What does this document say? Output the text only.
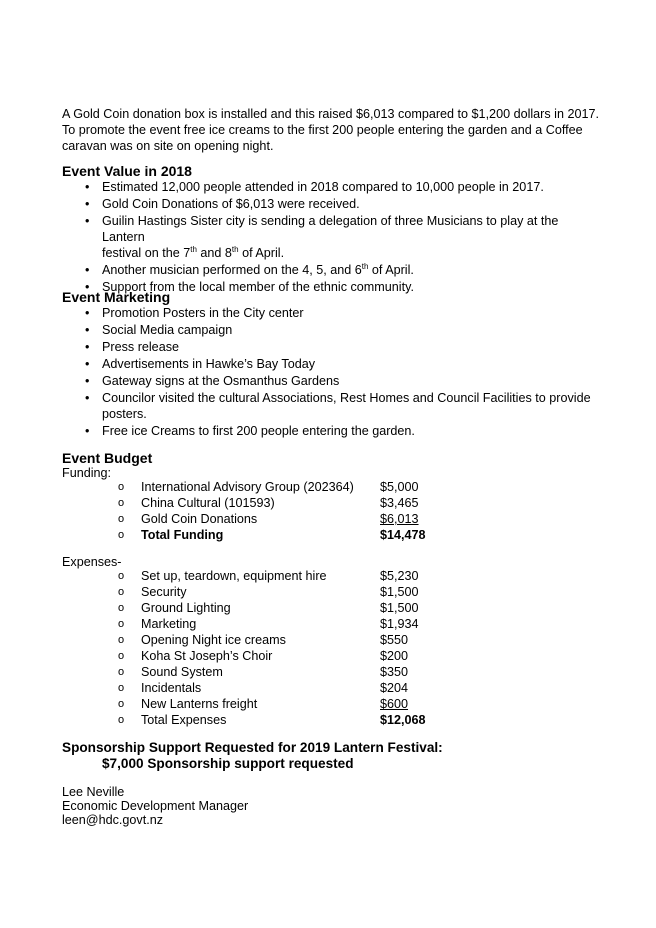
A Gold Coin donation box is installed and this raised $6,013 compared to $1,200 dollars in 2017.

To promote the event free ice creams to the first 200 people entering the garden and a Coffee

caravan was on site on opening night.

Event Value in 2018
• Estimated 12,000 people attended in 2018 compared to 10,000 people in 2017.
• Gold Coin Donations of $6,013 were received.
• Guilin Hastings Sister city is sending a delegation of three Musicians to play at the Lantern
festival on the 7th and 8th of April.
• Another musician performed on the 4, 5, and 6th of April.
• Support from the local member of the ethnic community.
Event Marketing
• Promotion Posters in the City center
• Social Media campaign
• Press release
• Advertisements in Hawke’s Bay Today
• Gateway signs at the Osmanthus Gardens
• Councilor visited the cultural Associations, Rest Homes and Council Facilities to provide
posters.
• Free ice Creams to first 200 people entering the garden.
Event Budget
Funding:
o International Advisory Group (202364) $5,000
o China Cultural (101593)	$3,465
o Gold Coin Donations	$6,013
o Total Funding	$14,478
Expenses-
o Set up, teardown, equipment hire	$5,230
o Security	$1,500
o Ground Lighting	$1,500
o Marketing	$1,934
o Opening Night ice creams	$550
o Koha St Joseph’s Choir	$200
o Sound System	$350
o Incidentals	$204
o New Lanterns freight	$600
o Total Expenses	$12,068
Sponsorship Support Requested for 2019 Lantern Festival:
$7,000 Sponsorship support requested
Lee Neville
Economic Development Manager
leen@hdc.govt.nz
